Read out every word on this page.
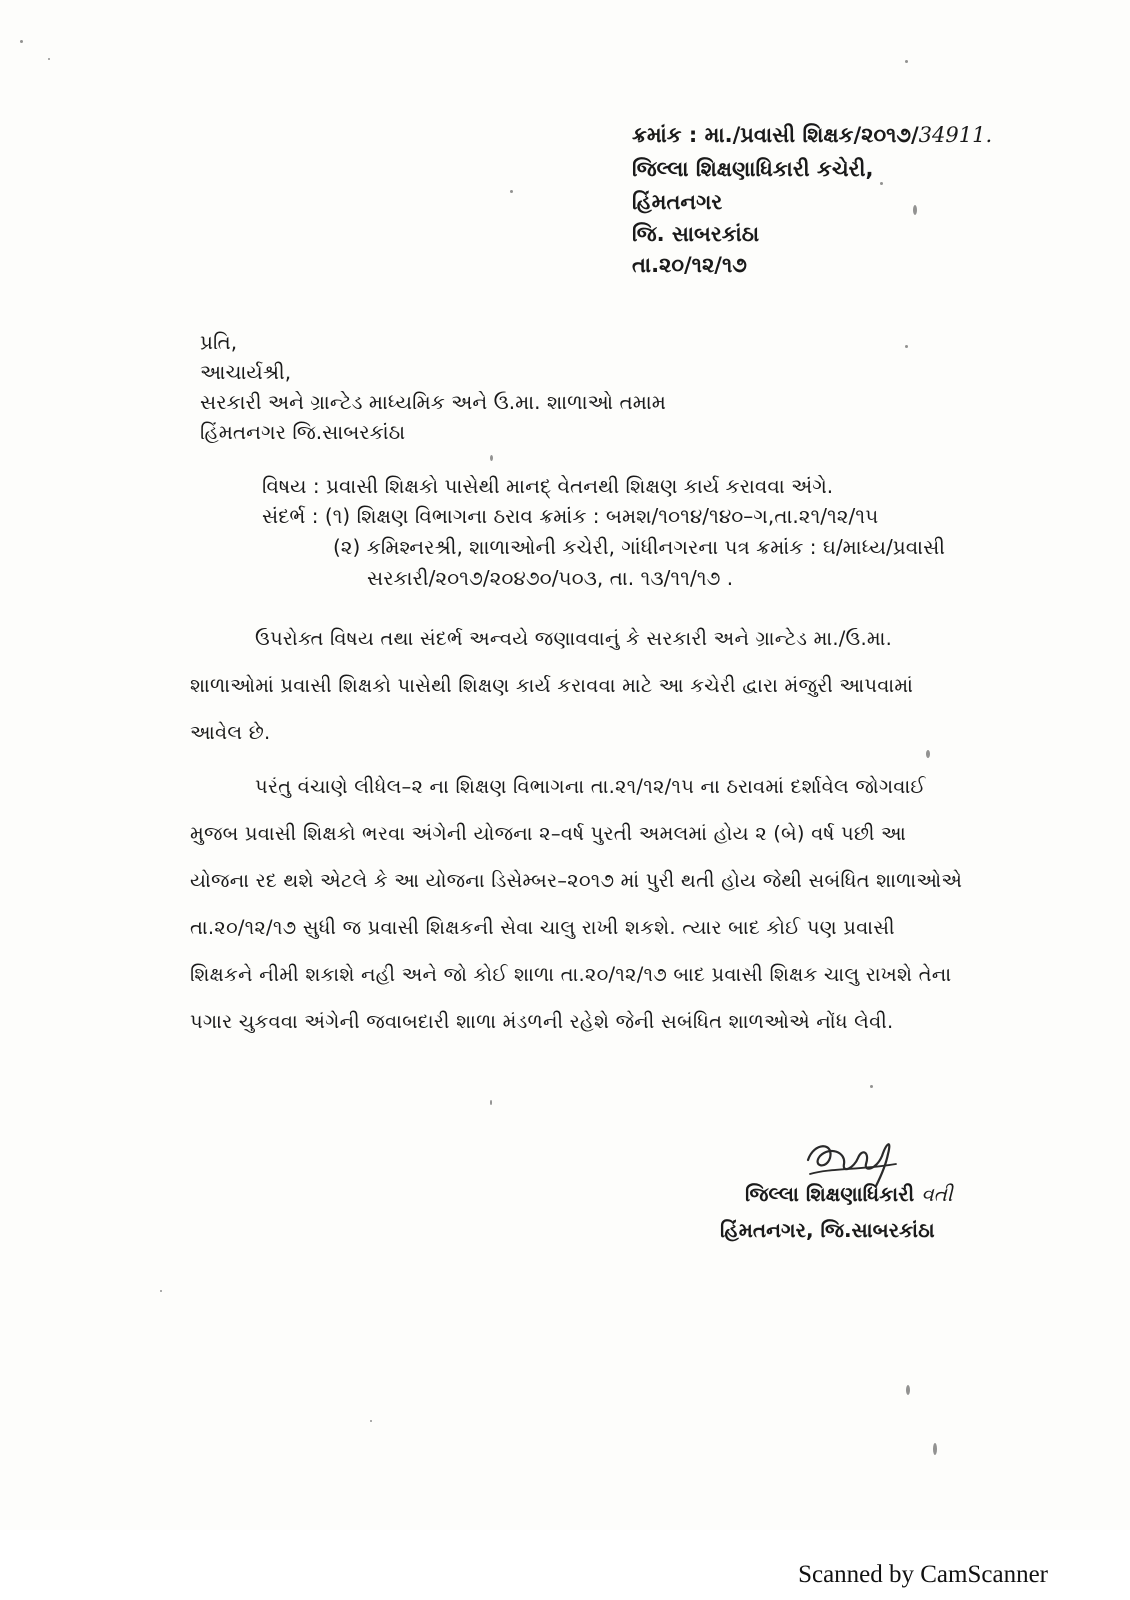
ક્રમાંક : મા./પ્રવાસી શિક્ષક/૨૦૧૭/34911.
જિલ્લા શિક્ષણાધિકારી કચેરી,
હિંમતનગર
જિ. સાબરકાંઠા
તા.૨૦/૧૨/૧૭
પ્રતિ,
આચાર્યશ્રી,
સરકારી અને ગ્રાન્ટેડ માધ્યમિક અને ઉ.મા. શાળાઓ તમામ
હિંમતનગર જિ.સાબરકાંઠા
વિષય : પ્રવાસી શિક્ષકો પાસેથી માનદ્ વેતનથી શિક્ષણ કાર્ય કરાવવા અંગે.
સંદર્ભ : (૧) શિક્ષણ વિભાગના ઠરાવ ક્રમાંક : બમશ/૧૦૧૪/૧૪૦–ગ,તા.૨૧/૧૨/૧૫
(૨) કમિશ્નરશ્રી, શાળાઓની કચેરી, ગાંધીનગરના પત્ર ક્રમાંક : ઘ/માધ્ય/પ્રવાસી
સરકારી/૨૦૧૭/૨૦૪૭૦/૫૦૩, તા. ૧૩/૧૧/૧૭ .
ઉપરોક્ત વિષય તથા સંદર્ભ અન્વયે જણાવવાનું કે સરકારી અને ગ્રાન્ટેડ મા./ઉ.મા.
શાળાઓમાં પ્રવાસી શિક્ષકો પાસેથી શિક્ષણ કાર્ય કરાવવા માટે આ કચેરી દ્વારા મંજુરી આપવામાં
આવેલ છે.
પરંતુ વંચાણે લીધેલ–૨ ના શિક્ષણ વિભાગના તા.૨૧/૧૨/૧૫ ના ઠરાવમાં દર્શાવેલ જોગવાઈ
મુજબ પ્રવાસી શિક્ષકો ભરવા અંગેની યોજના ૨–વર્ષ પુરતી અમલમાં હોય ૨ (બે) વર્ષ પછી આ
યોજના રદ થશે એટલે કે આ યોજના ડિસેમ્બર–૨૦૧૭ માં પુરી થતી હોય જેથી સબંધિત શાળાઓએ
તા.૨૦/૧૨/૧૭ સુધી જ પ્રવાસી શિક્ષકની સેવા ચાલુ રાખી શકશે. ત્યાર બાદ કોઈ પણ પ્રવાસી
શિક્ષકને નીમી શકાશે નહી અને જો કોઈ શાળા તા.૨૦/૧૨/૧૭ બાદ પ્રવાસી શિક્ષક ચાલુ રાખશે તેના
પગાર ચુકવવા અંગેની જવાબદારી શાળા મંડળની રહેશે જેની સબંધિત શાળઓએ નોંધ લેવી.
જિલ્લા શિક્ષણાધિકારી વતી
હિંમતનગર, જિ.સાબરકાંઠા
Scanned by CamScanner
